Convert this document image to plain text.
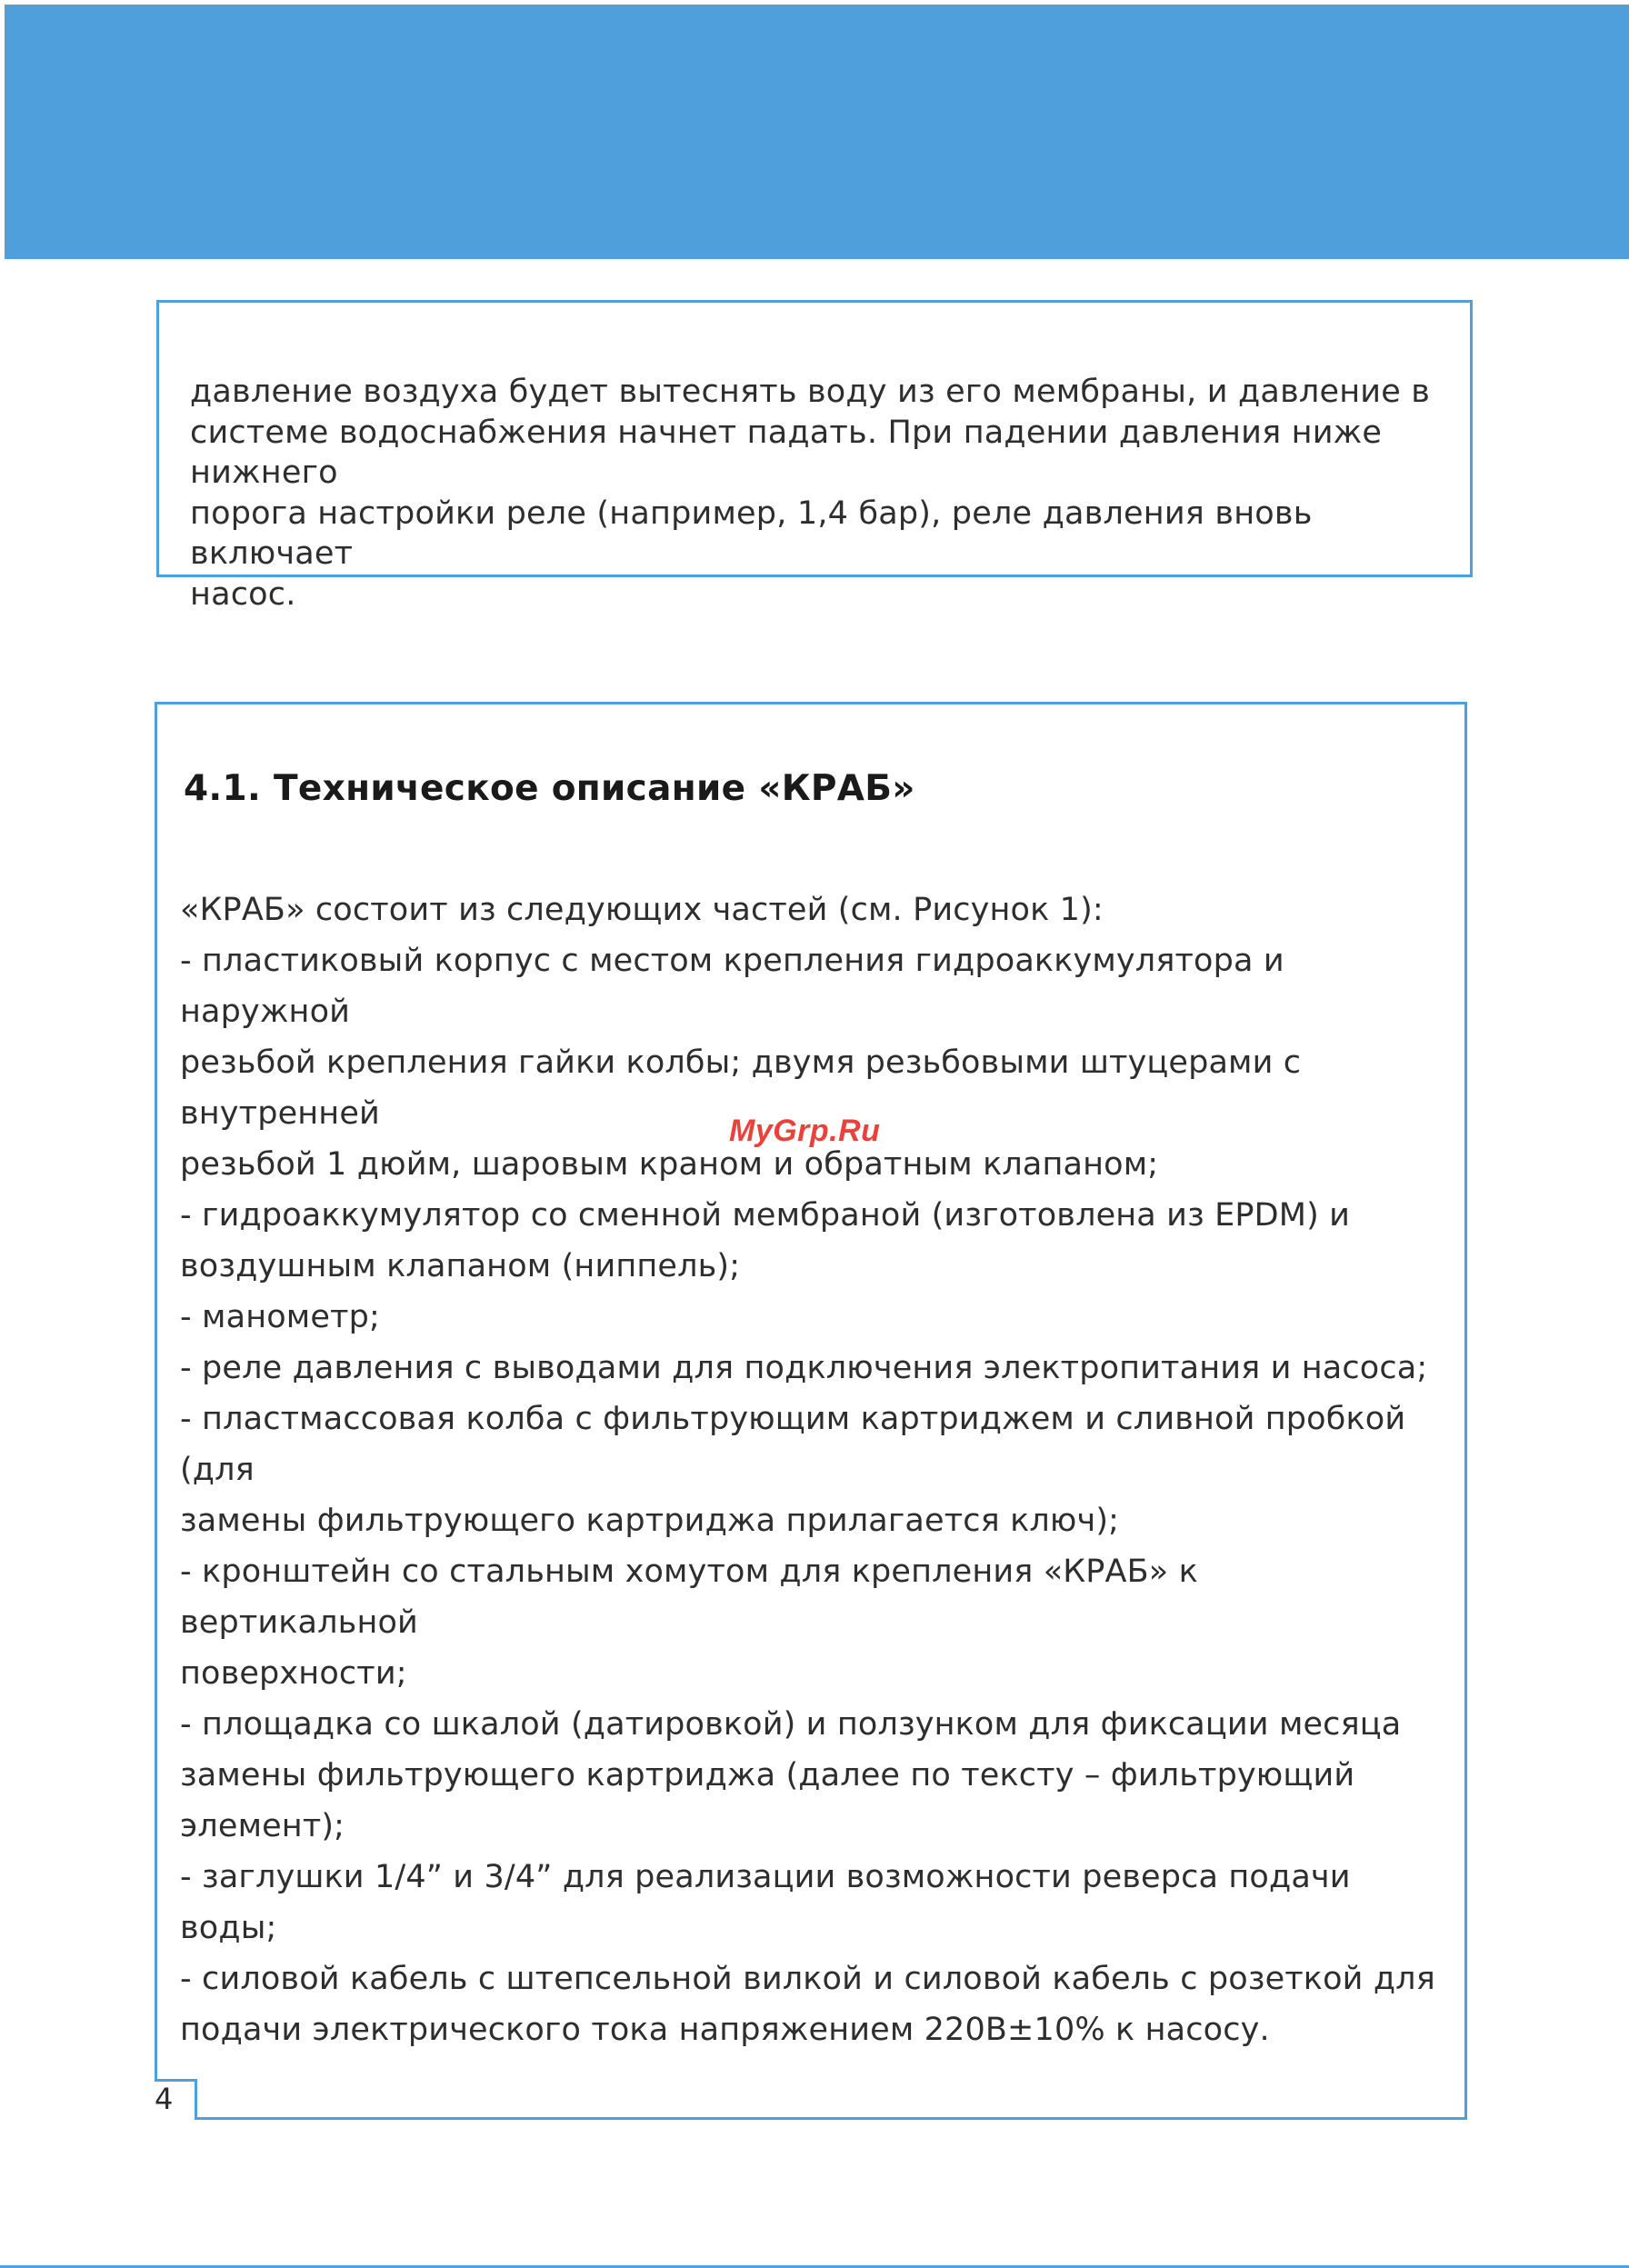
давление воздуха будет вытеснять воду из его мембраны, и давление в

системе водоснабжения начнет падать. При падении давления ниже нижнего

порога настройки реле (например, 1,4 бар), реле давления вновь включает

насос.

4.1. Техническое описание «КРАБ»
«КРАБ» состоит из следующих частей (см. Рисунок 1):
- пластиковый корпус с местом крепления гидроаккумулятора и наружной
резьбой крепления гайки колбы; двумя резьбовыми штуцерами с внутренней
резьбой 1 дюйм, шаровым краном и обратным клапаном;
- гидроаккумулятор со сменной мембраной (изготовлена из EPDM) и
воздушным клапаном (ниппель);
- манометр;
- реле давления с выводами для подключения электропитания и насоса;
- пластмассовая колба с фильтрующим картриджем и сливной пробкой (для
замены фильтрующего картриджа прилагается ключ);
- кронштейн со стальным хомутом для крепления «КРАБ» к вертикальной
поверхности;
- площадка со шкалой (датировкой) и ползунком для фиксации месяца
замены фильтрующего картриджа (далее по тексту – фильтрующий
элемент);
- заглушки 1/4” и 3/4” для реализации возможности реверса подачи
воды;
- силовой кабель с штепсельной вилкой и силовой кабель с розеткой для
подачи электрического тока напряжением 220В±10% к насосу.
MyGrp.Ru
4
